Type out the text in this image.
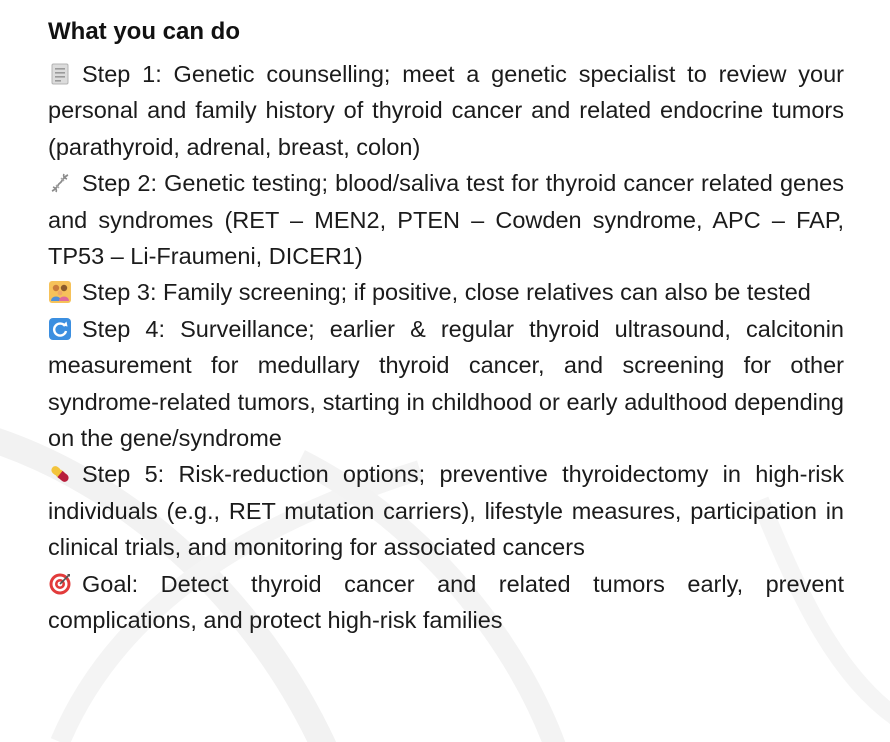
What you can do

Step 1: Genetic counselling; meet a genetic specialist to review your personal and family history of thyroid cancer and related endocrine tumors (parathyroid, adrenal, breast, colon)

Step 2: Genetic testing; blood/saliva test for thyroid cancer related genes and syndromes (RET – MEN2, PTEN – Cowden syndrome, APC – FAP, TP53 – Li-Fraumeni, DICER1)

Step 3: Family screening; if positive, close relatives can also be tested

Step 4: Surveillance; earlier & regular thyroid ultrasound, calcitonin measurement for medullary thyroid cancer, and screening for other syndrome-related tumors, starting in childhood or early adulthood depending on the gene/syndrome

Step 5: Risk-reduction options; preventive thyroidectomy in high-risk individuals (e.g., RET mutation carriers), lifestyle measures, participation in clinical trials, and monitoring for associated cancers

Goal: Detect thyroid cancer and related tumors early, prevent complications, and protect high-risk families
